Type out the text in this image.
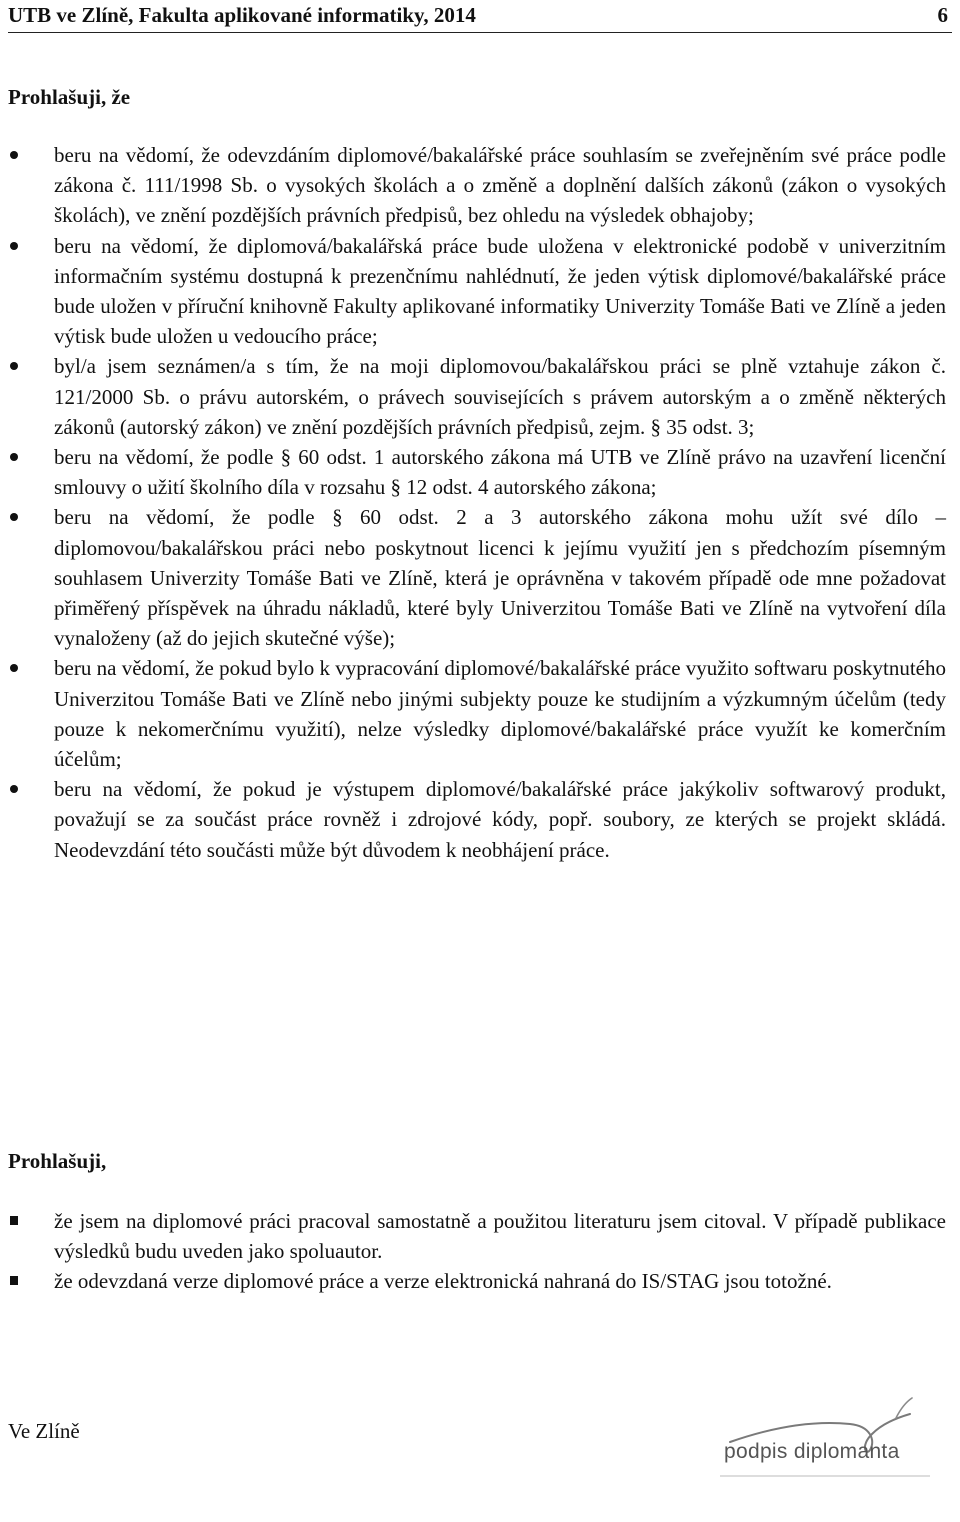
UTB ve Zlíně, Fakulta aplikované informatiky, 2014	6
Prohlašuji, že
beru na vědomí, že odevzdáním diplomové/bakalářské práce souhlasím se zveřejněním své práce podle zákona č. 111/1998 Sb. o vysokých školách a o změně a doplnění dalších zákonů (zákon o vysokých školách), ve znění pozdějších právních předpisů, bez ohledu na výsledek obhajoby;
beru na vědomí, že diplomová/bakalářská práce bude uložena v elektronické podobě v univerzitním informačním systému dostupná k prezenčnímu nahlédnutí, že jeden výtisk diplomové/bakalářské práce bude uložen v příruční knihovně Fakulty aplikované informatiky Univerzity Tomáše Bati ve Zlíně a jeden výtisk bude uložen u vedoucího práce;
byl/a jsem seznámen/a s tím, že na moji diplomovou/bakalářskou práci se plně vztahuje zákon č. 121/2000 Sb. o právu autorském, o právech souvisejících s právem autorským a o změně některých zákonů (autorský zákon) ve znění pozdějších právních předpisů, zejm. § 35 odst. 3;
beru na vědomí, že podle § 60 odst. 1 autorského zákona má UTB ve Zlíně právo na uzavření licenční smlouvy o užití školního díla v rozsahu § 12 odst. 4 autorského zákona;
beru na vědomí, že podle § 60 odst. 2 a 3 autorského zákona mohu užít své dílo – diplomovou/bakalářskou práci nebo poskytnout licenci k jejímu využití jen s předchozím písemným souhlasem Univerzity Tomáše Bati ve Zlíně, která je oprávněna v takovém případě ode mne požadovat přiměřený příspěvek na úhradu nákladů, které byly Univerzitou Tomáše Bati ve Zlíně na vytvoření díla vynaloženy (až do jejich skutečné výše);
beru na vědomí, že pokud bylo k vypracování diplomové/bakalářské práce využito softwaru poskytnutého Univerzitou Tomáše Bati ve Zlíně nebo jinými subjekty pouze ke studijním a výzkumným účelům (tedy pouze k nekomerčnímu využití), nelze výsledky diplomové/bakalářské práce využít ke komerčním účelům;
beru na vědomí, že pokud je výstupem diplomové/bakalářské práce jakýkoliv softwarový produkt, považují se za součást práce rovněž i zdrojové kódy, popř. soubory, ze kterých se projekt skládá. Neodevzdání této součásti může být důvodem k neobhájení práce.
Prohlašuji,
že jsem na diplomové práci pracoval samostatně a použitou literaturu jsem citoval. V případě publikace výsledků budu uveden jako spoluautor.
že odevzdaná verze diplomové práce a verze elektronická nahraná do IS/STAG jsou totožné.
Ve Zlíně
podpis diplomanta
